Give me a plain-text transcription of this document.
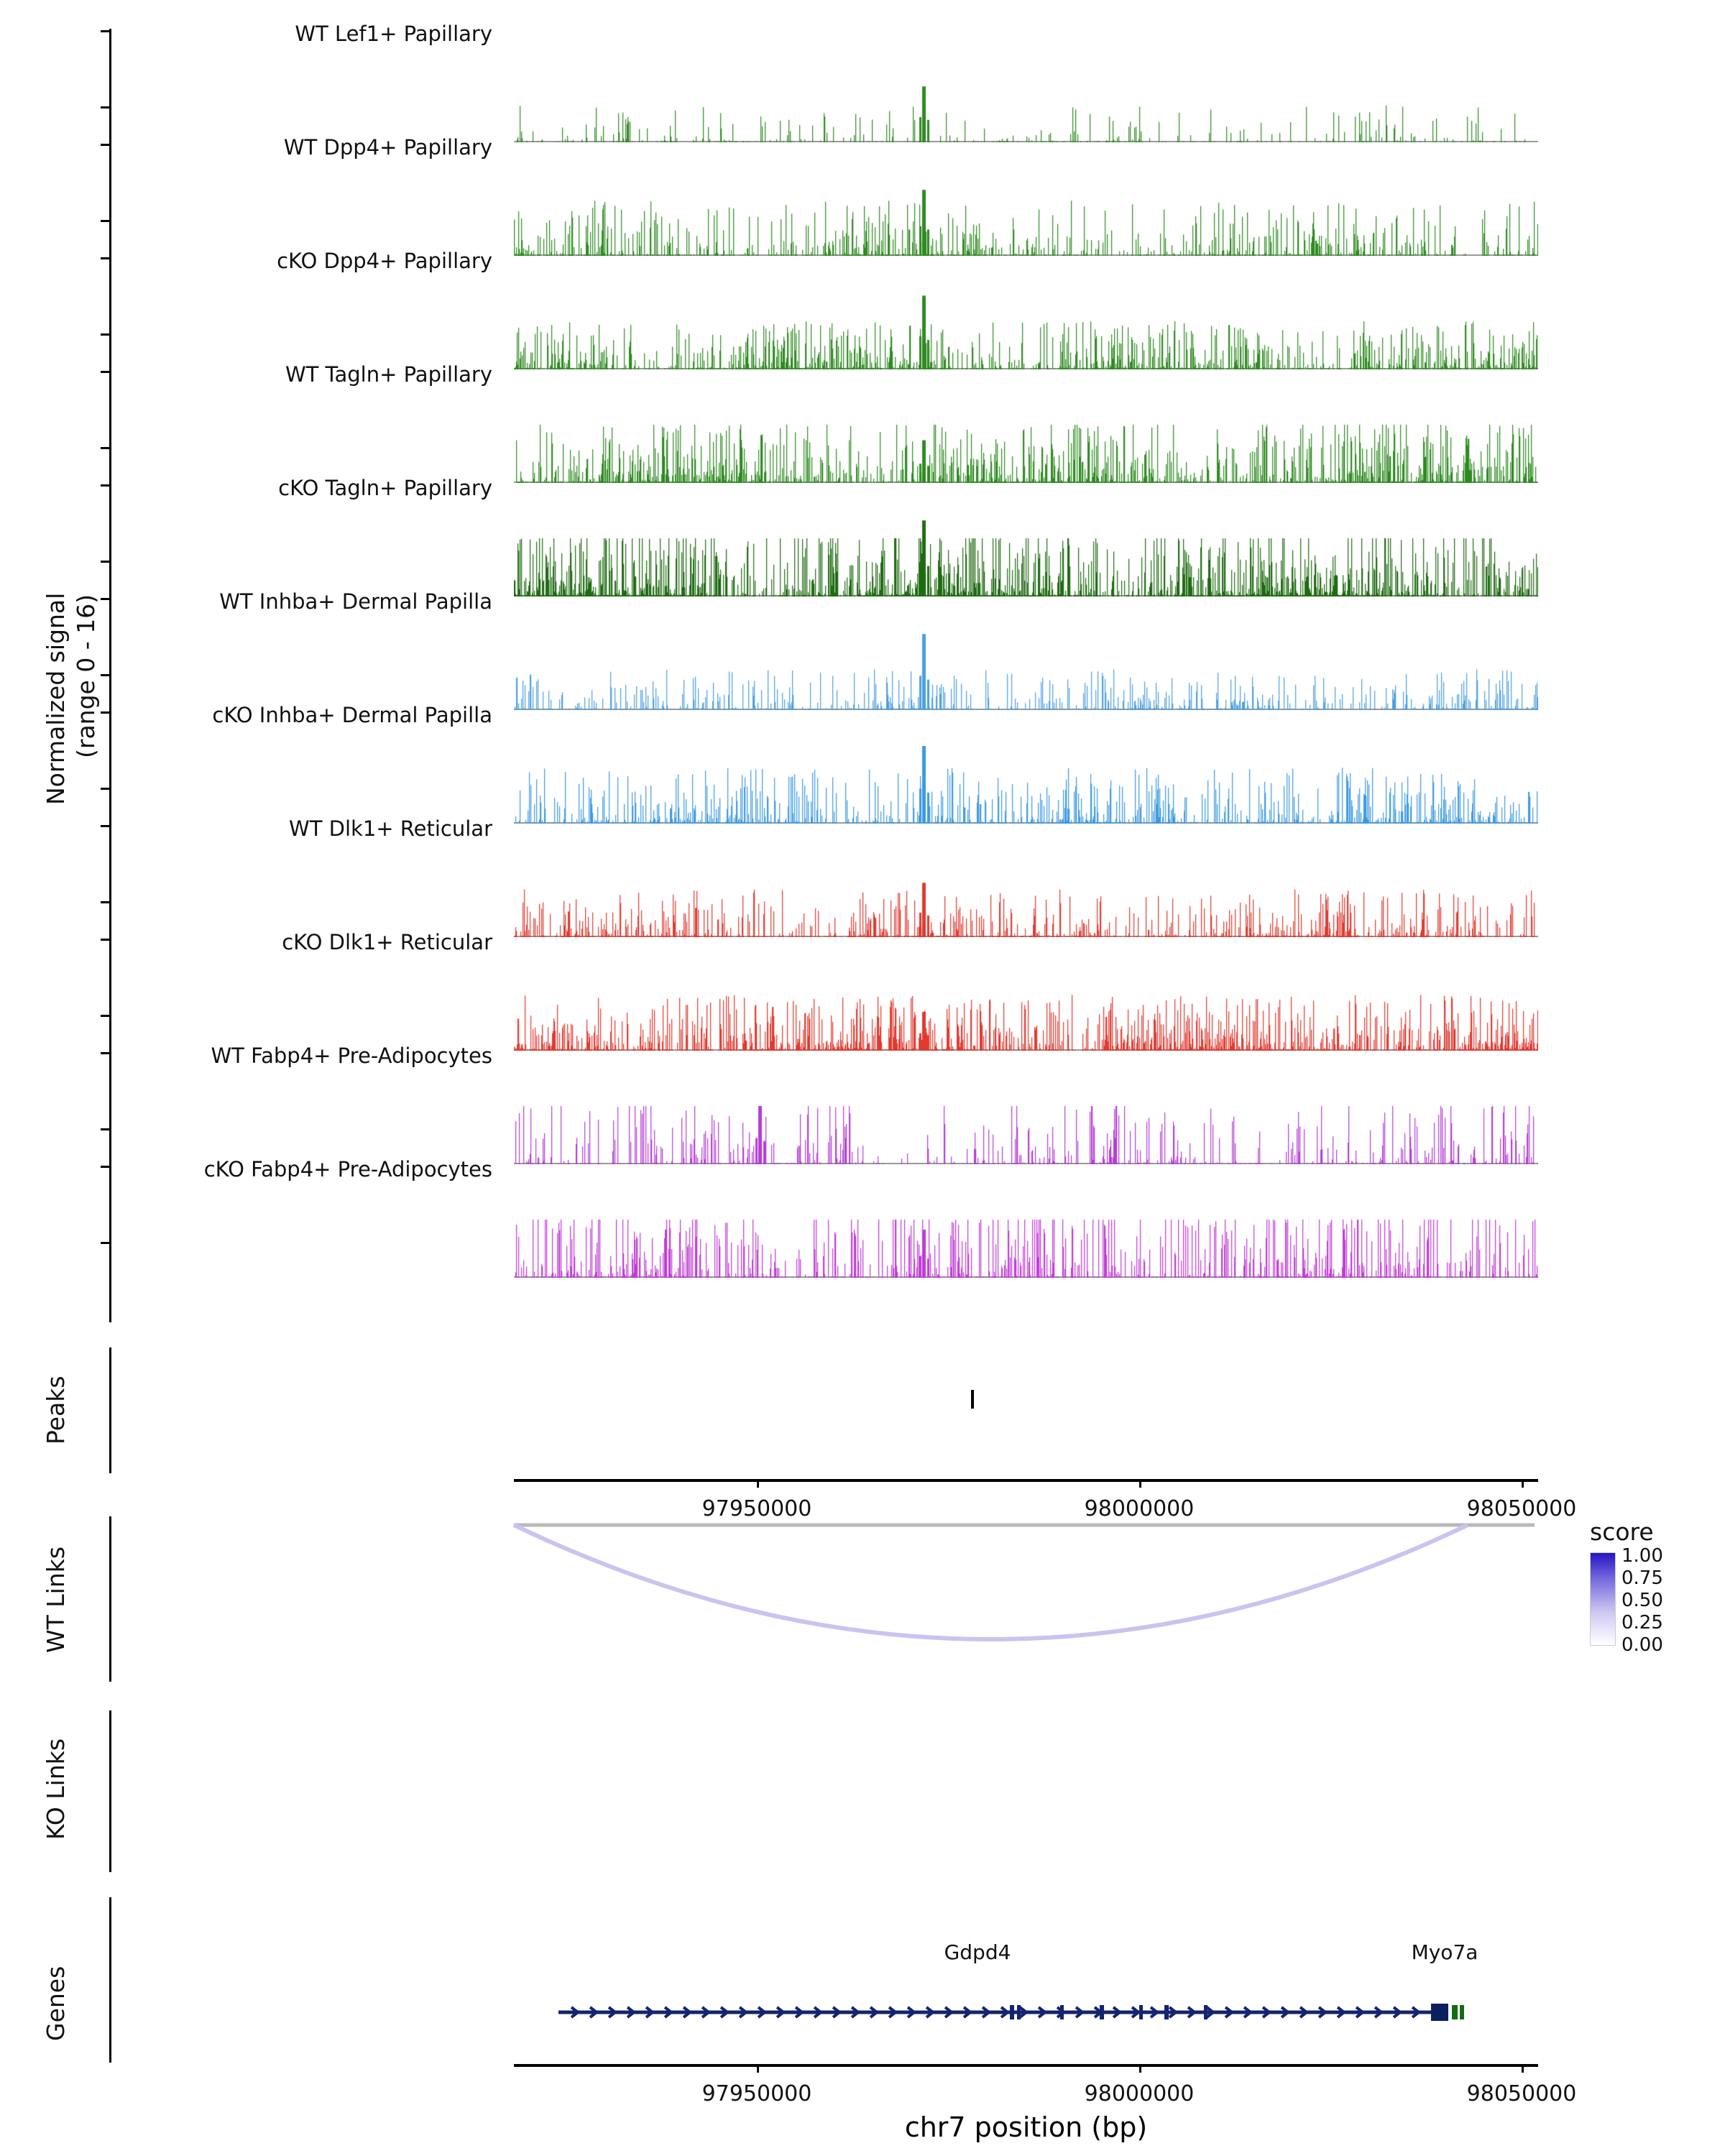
Normalized signal (range 0 - 16)
WT Lef1+ Papillary
WT Dpp4+ Papillary
cKO Dpp4+ Papillary
WT Tagln+ Papillary
cKO Tagln+ Papillary
WT Inhba+ Dermal Papilla
cKO Inhba+ Dermal Papilla
WT Dlk1+ Reticular
cKO Dlk1+ Reticular
WT Fabp4+ Pre-Adipocytes
cKO Fabp4+ Pre-Adipocytes
Peaks
97950000	98000000	98050000
WT Links
score
1.00
0.75
0.50
0.25
0.00
KO Links
Genes
Gdpd4	Myo7a
97950000	98000000	98050000
chr7 position (bp)
